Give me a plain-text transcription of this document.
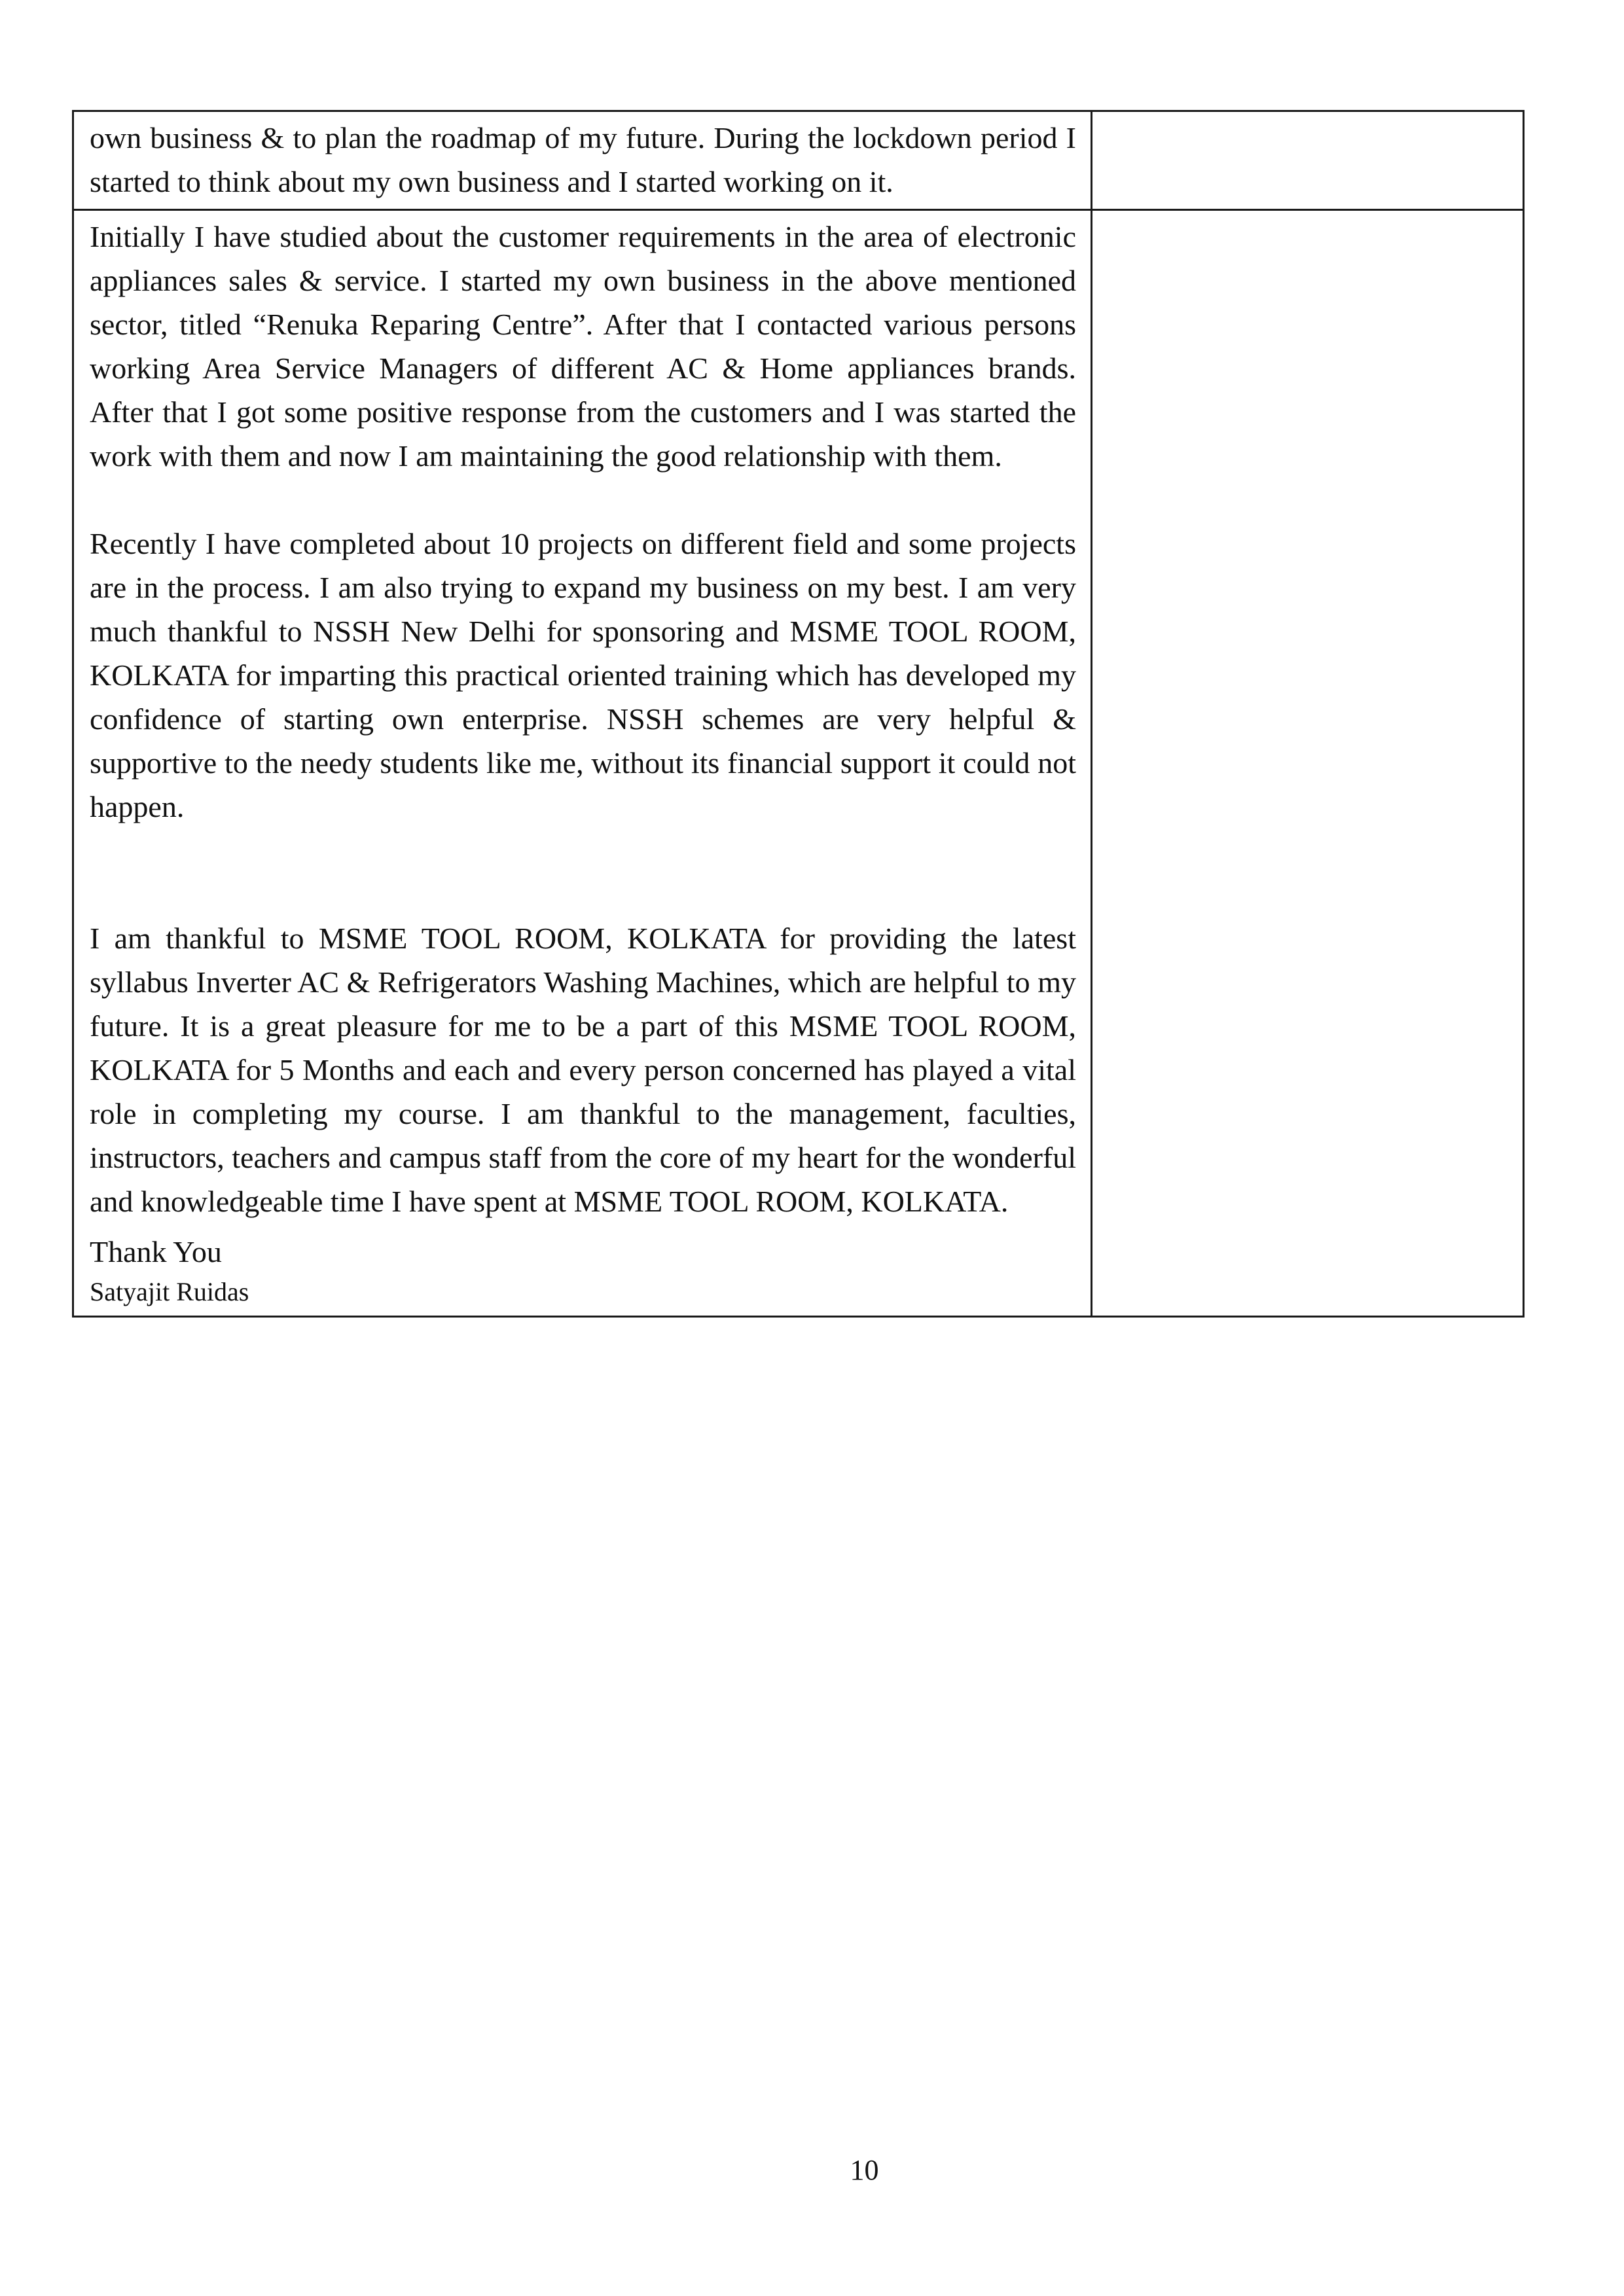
own business & to plan the roadmap of my future. During the lockdown period I started to think about my own business and I started working on it.	

Initially I have studied about the customer requirements in the area of electronic appliances sales & service. I started my own business in the above mentioned sector, titled “Renuka Reparing Centre”. After that I contacted various persons working Area Service Managers of different AC & Home appliances brands. After that I got some positive response from the customers and I was started the work with them and now I am maintaining the good relationship with them.

Recently I have completed about 10 projects on different field and some projects are in the process. I am also trying to expand my business on my best. I am very much thankful to NSSH New Delhi for sponsoring and MSME TOOL ROOM, KOLKATA for imparting this practical oriented training which has developed my confidence of starting own enterprise. NSSH schemes are very helpful & supportive to the needy students like me, without its financial support it could not happen.

I am thankful to MSME TOOL ROOM, KOLKATA for providing the latest syllabus Inverter AC & Refrigerators Washing Machines, which are helpful to my future. It is a great pleasure for me to be a part of this MSME TOOL ROOM, KOLKATA for 5 Months and each and every person concerned has played a vital role in completing my course. I am thankful to the management, faculties, instructors, teachers and campus staff from the core of my heart for the wonderful and knowledgeable time I have spent at MSME TOOL ROOM, KOLKATA.

Thank You

Satyajit Ruidas	

10
